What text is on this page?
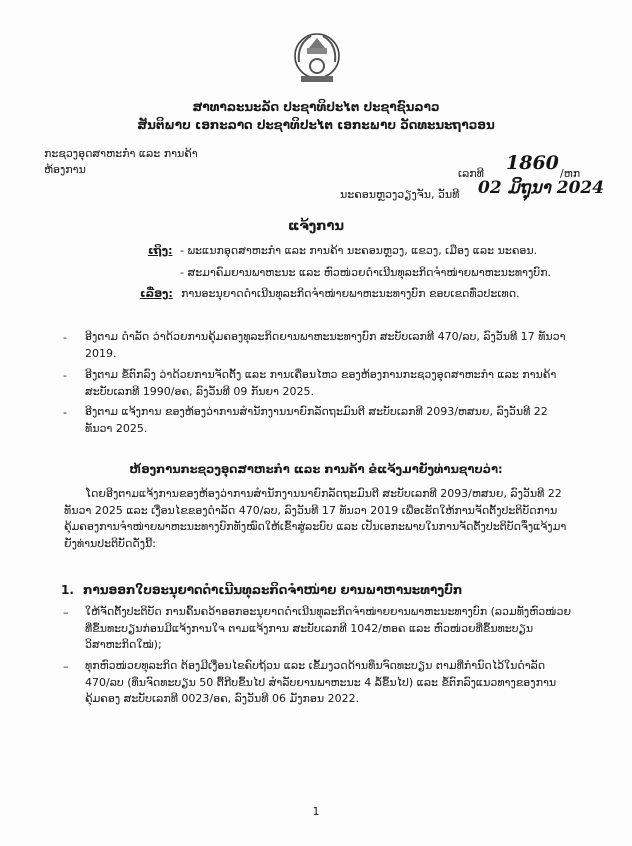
ສາທາລະນະລັດ ປະຊາທິປະໄຕ ປະຊາຊົນລາວ
ສັນຕິພາບ ເອກະລາດ ປະຊາທິປະໄຕ ເອກະພາບ ວັດທະນະຖາວອນ
ກະຊວງອຸດສາຫະກຳ ແລະ ການຄ້າ
ຫ້ອງການ	ເລກທີ 1860 /ຫກ
ນະຄອນຫຼວງວຽງຈັນ, ວັນທີ 02 ມິຖຸນາ 2024
ແຈ້ງການ
ເຖິງ: - ພະແນກອຸດສາຫະກຳ ແລະ ການຄ້າ ນະຄອນຫຼວງ, ແຂວງ, ເມືອງ ແລະ ນະຄອນ.
- ສະມາຄົມຍານພາຫະນະ ແລະ ຫົວໜ່ວຍດຳເນີນທຸລະກິດຈຳໜ່າຍພາຫະນະທາງບົກ.
ເລື່ອງ: ການອະນຸຍາດດຳເນີນທຸລະກິດຈຳໜ່າຍພາຫະນະທາງບົກ ຂອບເຂດທົ່ວປະເທດ.
- ອີງຕາມ ດຳລັດ ວ່າດ້ວຍການຄຸ້ມຄອງທຸລະກິດຍານພາຫະນະທາງບົກ ສະບັບເລກທີ 470/ລບ, ລົງວັນທີ 17 ທັນວາ 2019.
- ອີງຕາມ ຂໍ້ຕົກລົງ ວ່າດ້ວຍການຈັດຕັ້ງ ແລະ ການເຄື່ອນໄຫວ ຂອງຫ້ອງການກະຊວງອຸດສາຫະກຳ ແລະ ການຄ້າ ສະບັບເລກທີ 1990/ອຄ, ລົງວັນທີ 09 ກັນຍາ 2025.
- ອີງຕາມ ແຈ້ງການ ຂອງຫ້ອງວ່າການສຳນັກງານນາຍົກລັດຖະມົນຕີ ສະບັບເລກທີ 2093/ຫສນຍ, ລົງວັນທີ 22 ທັນວາ 2025.
ຫ້ອງການກະຊວງອຸດສາຫະກຳ ແລະ ການຄ້າ ຂໍແຈ້ງມາຍັງທ່ານຊາບວ່າ:
ໂດຍອີງຕາມແຈ້ງການຂອງຫ້ອງວ່າການສຳນັກງານນາຍົກລັດຖະມົນຕີ ສະບັບເລກທີ 2093/ຫສນຍ, ລົງວັນທີ 22 ທັນວາ 2025 ແລະ ເງື່ອນໄຂຂອງດຳລັດ 470/ລບ, ລົງວັນທີ 17 ທັນວາ 2019 ເພື່ອເຮັດໃຫ້ການຈັດຕັ້ງປະຕິບັດການຄຸ້ມຄອງການຈຳໜ່າຍພາຫະນະທາງບົກທັງໝົດໃຫ້ເຂົ້າສູ່ລະບົບ ແລະ ເປັນເອກະພາບໃນການຈັດຕັ້ງປະຕິບັດຈຶ່ງແຈ້ງມາຍັງທ່ານປະຕິບັດດັ່ງນີ້:
1. ການອອກໃບອະນຸຍາດດຳເນີນທຸລະກິດຈຳໜ່າຍ ຍານພາຫານະທາງບົກ
– ໃຫ້ຈັດຕັ້ງປະຕິບັດ ການຄົ້ນຄວ້າອອກອະນຸຍາດດຳເນີນທຸລະກິດຈຳໜ່າຍຍານພາຫະນະທາງບົກ (ລວມທັງຫົວໜ່ວຍທີ່ຂຶ້ນທະບຽນກ່ອນມີແຈ້ງການໃຈ ຕາມແຈ້ງການ ສະບັບເລກທີ 1042/ຫອຄ ແລະ ຫົວໜ່ວຍທີ່ຂຶ້ນທະບຽນວິສາຫະກິດໃໝ່);
– ທຸກຫົວໜ່ວຍທຸລະກິດ ຕ້ອງມີເງື່ອນໄຂຄົບຖ້ວນ ແລະ ເຂັ້ມງວດດ້ານທຶນຈົດທະບຽນ ຕາມທີ່ກຳນົດໄວ້ໃນດຳລັດ 470/ລບ (ທຶນຈົດທະບຽນ 50 ຕື້ກີບຂຶ້ນໄປ ສຳລັບຍານພາຫະນະ 4 ລໍ້ຂຶ້ນໄປ) ແລະ ຂໍ້ຕົກລົງແນວທາງຂອງການຄຸ້ມຄອງ ສະບັບເລກທີ 0023/ອຄ, ລົງວັນທີ 06 ມັງກອນ 2022.
1
